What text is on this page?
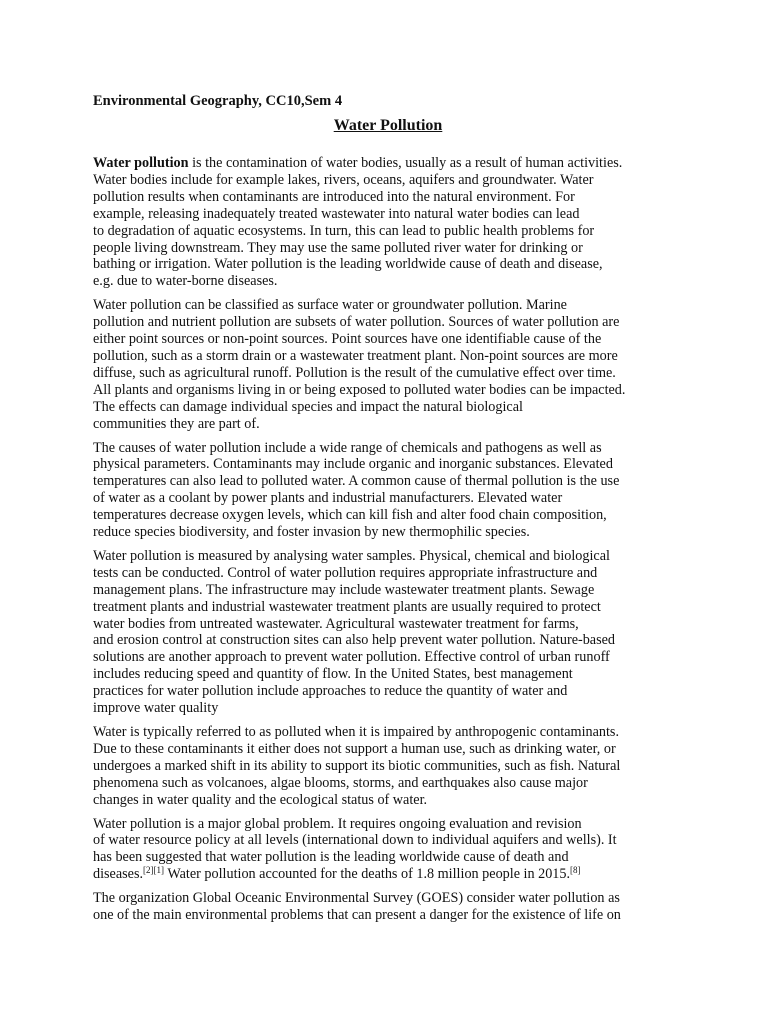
Environmental Geography, CC10,Sem 4

Water Pollution
Water pollution is the contamination of water bodies, usually as a result of human activities.
Water bodies include for example lakes, rivers, oceans, aquifers and groundwater. Water
pollution results when contaminants are introduced into the natural environment. For
example, releasing inadequately treated wastewater into natural water bodies can lead
to degradation of aquatic ecosystems. In turn, this can lead to public health problems for
people living downstream. They may use the same polluted river water for drinking or
bathing or irrigation. Water pollution is the leading worldwide cause of death and disease,
e.g. due to water-borne diseases.
Water pollution can be classified as surface water or groundwater pollution. Marine
pollution and nutrient pollution are subsets of water pollution. Sources of water pollution are
either point sources or non-point sources. Point sources have one identifiable cause of the
pollution, such as a storm drain or a wastewater treatment plant. Non-point sources are more
diffuse, such as agricultural runoff. Pollution is the result of the cumulative effect over time.
All plants and organisms living in or being exposed to polluted water bodies can be impacted.
The effects can damage individual species and impact the natural biological
communities they are part of.
The causes of water pollution include a wide range of chemicals and pathogens as well as
physical parameters. Contaminants may include organic and inorganic substances. Elevated
temperatures can also lead to polluted water. A common cause of thermal pollution is the use
of water as a coolant by power plants and industrial manufacturers. Elevated water
temperatures decrease oxygen levels, which can kill fish and alter food chain composition,
reduce species biodiversity, and foster invasion by new thermophilic species.
Water pollution is measured by analysing water samples. Physical, chemical and biological
tests can be conducted. Control of water pollution requires appropriate infrastructure and
management plans. The infrastructure may include wastewater treatment plants. Sewage
treatment plants and industrial wastewater treatment plants are usually required to protect
water bodies from untreated wastewater. Agricultural wastewater treatment for farms,
and erosion control at construction sites can also help prevent water pollution. Nature-based
solutions are another approach to prevent water pollution. Effective control of urban runoff
includes reducing speed and quantity of flow. In the United States, best management
practices for water pollution include approaches to reduce the quantity of water and
improve water quality
Water is typically referred to as polluted when it is impaired by anthropogenic contaminants.
Due to these contaminants it either does not support a human use, such as drinking water, or
undergoes a marked shift in its ability to support its biotic communities, such as fish. Natural
phenomena such as volcanoes, algae blooms, storms, and earthquakes also cause major
changes in water quality and the ecological status of water.
Water pollution is a major global problem. It requires ongoing evaluation and revision
of water resource policy at all levels (international down to individual aquifers and wells). It
has been suggested that water pollution is the leading worldwide cause of death and
diseases.[2][1] Water pollution accounted for the deaths of 1.8 million people in 2015.[8]
The organization Global Oceanic Environmental Survey (GOES) consider water pollution as
one of the main environmental problems that can present a danger for the existence of life on
